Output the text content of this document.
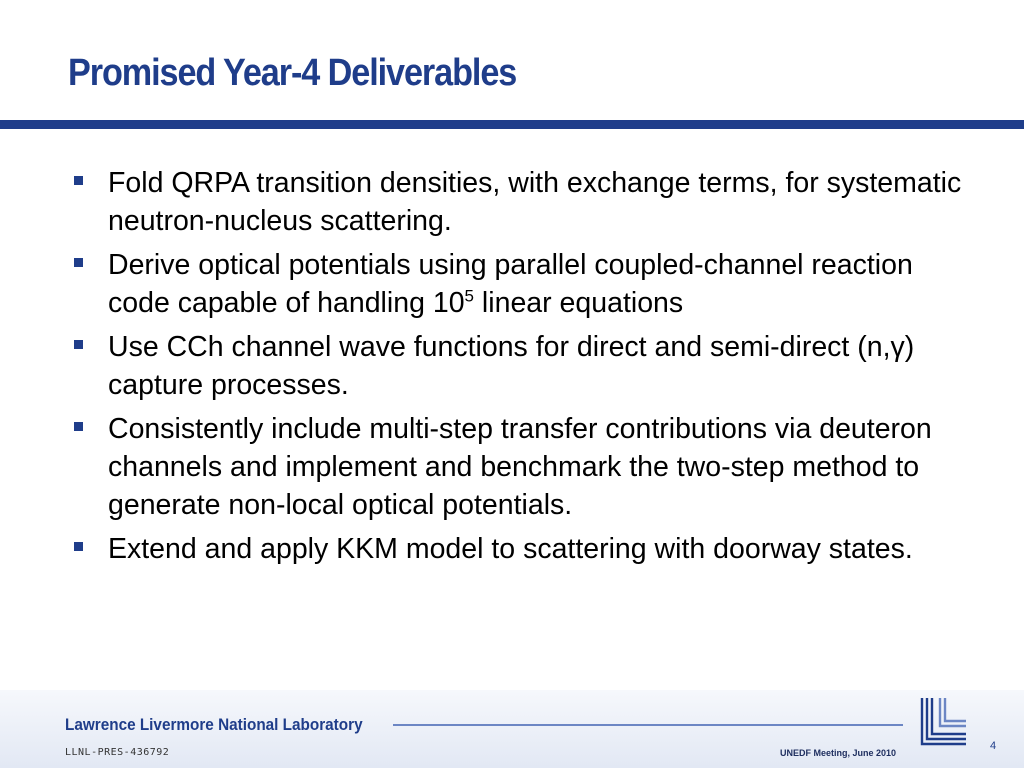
Promised Year-4 Deliverables
Fold QRPA transition densities, with exchange terms, for systematic neutron-nucleus scattering.
Derive optical potentials using parallel coupled-channel reaction code capable of handling $10^5$ linear equations
Use CCh channel wave functions for direct and semi-direct (n,γ) capture processes.
Consistently include multi-step transfer contributions via deuteron channels and implement and benchmark the two-step method to generate non-local optical potentials.
Extend and apply KKM model to scattering with doorway states.
Lawrence Livermore National Laboratory
LLNL-PRES-436792	UNEDF Meeting, June 2010
4
